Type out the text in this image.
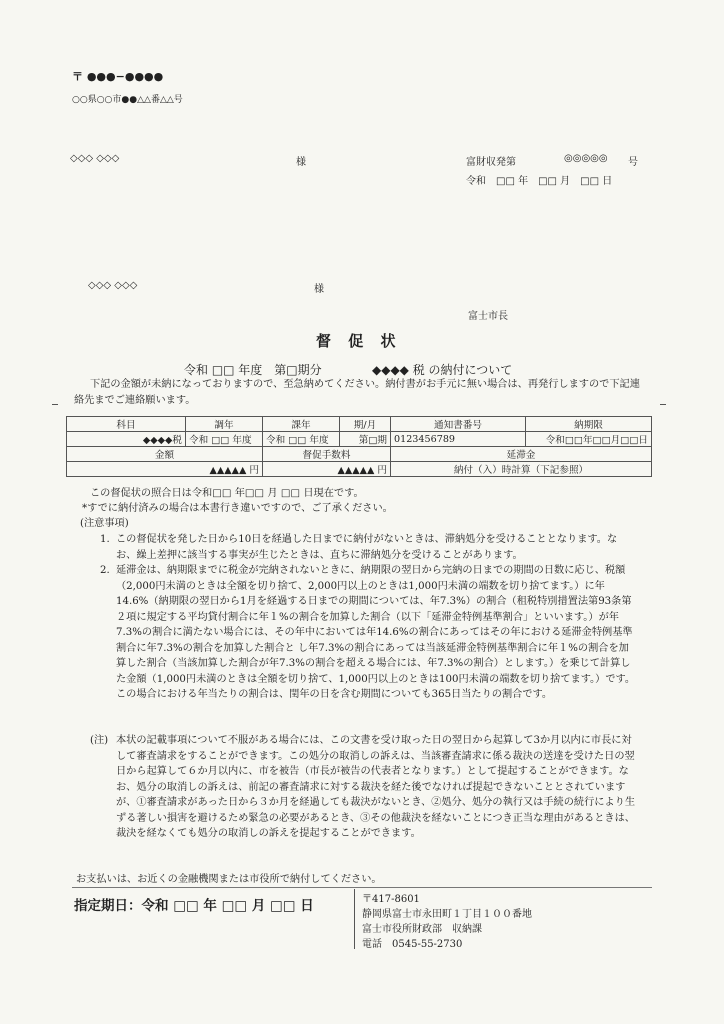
〒 ●●●−●●●●
○○県○○市●●△△番△△号
◇◇◇ ◇◇◇	様	富財収発第	◎◎◎◎◎ 号
令和　□□ 年　□□ 月　□□ 日
◇◇◇ ◇◇◇	様
富士市長
督 促 状
令和 □□ 年度　第□期分	◆◆◆◆ 税 の納付について
下記の金額が未納になっておりますので、至急納めてください。納付書がお手元に無い場合は、再発行しますので下記連絡先までご連絡願います。
科目	調年	課年	期/月	通知書番号	納期限
◆◆◆◆税	令和 □□ 年度	令和 □□ 年度	第□期	0123456789	令和□□年□□月□□日
金額		督促手数料		延滞金	
▲▲▲▲▲ 円		▲▲▲▲▲ 円		納付（入）時計算（下記参照）	
この督促状の照合日は令和□□ 年□□ 月 □□ 日現在です。
*すでに納付済みの場合は本書行き違いですので、ご了承ください。
(注意事項)
1. この督促状を発した日から10日を経過した日までに納付がないときは、滞納処分を受けることとなります。なお、繰上差押に該当する事実が生じたときは、直ちに滞納処分を受けることがあります。
2. 延滞金は、納期限までに税金が完納されないときに、納期限の翌日から完納の日までの期間の日数に応じ、税額（2,000円未満のときは全額を切り捨て、2,000円以上のときは1,000円未満の端数を切り捨てます。）に年14.6%（納期限の翌日から1月を経過する日までの期間については、年7.3%）の割合（租税特別措置法第93条第２項に規定する平均貸付割合に年１%の割合を加算した割合（以下「延滞金特例基準割合」といいます。）が年7.3%の割合に満たない場合には、その年中においては年14.6%の割合にあってはその年における延滞金特例基準割合に年7.3%の割合を加算した割合と し年7.3%の割合にあっては当該延滞金特例基準割合に年１%の割合を加算した割合（当該加算した割合が年7.3%の割合を超える場合には、年7.3%の割合）とします。）を乗じて計算した金額（1,000円未満のときは全額を切り捨て、1,000円以上のときは100円未満の端数を切り捨てます。）です。この場合における年当たりの割合は、閏年の日を含む期間についても365日当たりの割合です。
(注) 本状の記載事項について不服がある場合には、この文書を受け取った日の翌日から起算して3か月以内に市長に対して審査請求をすることができます。この処分の取消しの訴えは、当該審査請求に係る裁決の送達を受けた日の翌日から起算して６か月以内に、市を被告（市長が被告の代表者となります。）として提起することができます。なお、処分の取消しの訴えは、前記の審査請求に対する裁決を経た後でなければ提起できないこととされていますが、①審査請求があった日から３か月を経過しても裁決がないとき、②処分、処分の執行又は手続の続行により生ずる著しい損害を避けるため緊急の必要があるとき、③その他裁決を経ないことにつき正当な理由があるときは、裁決を経なくても処分の取消しの訴えを提起することができます。
お支払いは、お近くの金融機関または市役所で納付してください。
指定期日：令和 □□ 年 □□ 月 □□ 日	〒417-8601
静岡県富士市永田町１丁目１００番地
富士市役所財政部　収納課
電話　0545-55-2730
